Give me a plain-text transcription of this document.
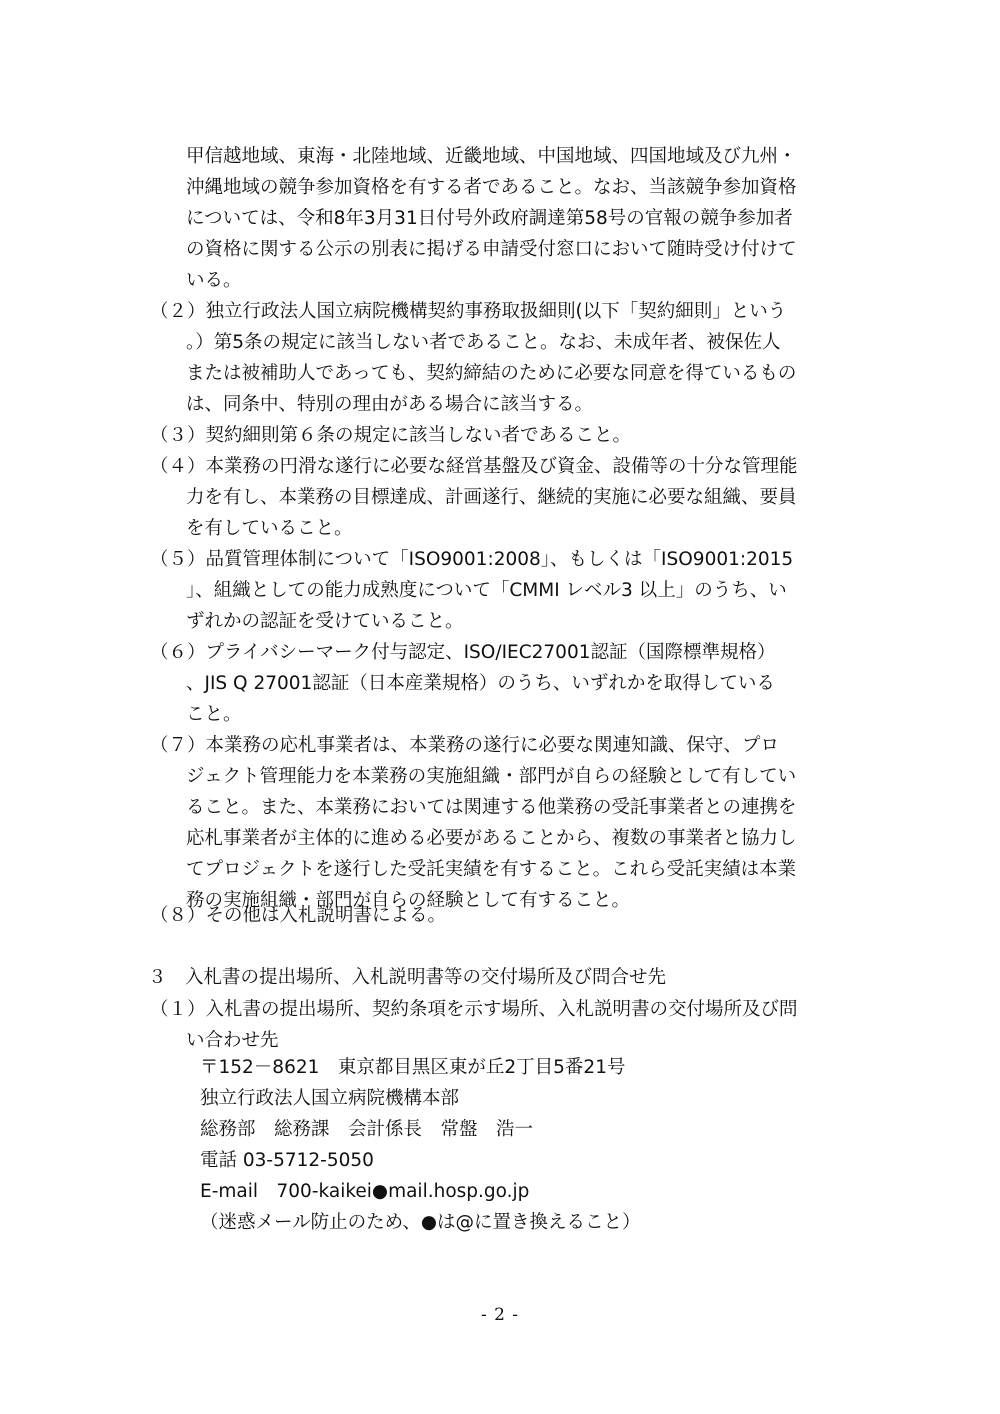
甲信越地域、東海・北陸地域、近畿地域、中国地域、四国地域及び九州・
沖縄地域の競争参加資格を有する者であること。なお、当該競争参加資格
については、令和8年3月31日付号外政府調達第58号の官報の競争参加者
の資格に関する公示の別表に掲げる申請受付窓口において随時受け付けて
いる。
（２）独立行政法人国立病院機構契約事務取扱細則(以下「契約細則」という
。）第5条の規定に該当しない者であること。なお、未成年者、被保佐人
または被補助人であっても、契約締結のために必要な同意を得ているもの
は、同条中、特別の理由がある場合に該当する。
（３）契約細則第６条の規定に該当しない者であること。
（４）本業務の円滑な遂行に必要な経営基盤及び資金、設備等の十分な管理能
力を有し、本業務の目標達成、計画遂行、継続的実施に必要な組織、要員
を有していること。
（５）品質管理体制について「ISO9001:2008」、もしくは「ISO9001:2015
」、組織としての能力成熟度について「CMMI レベル3 以上」のうち、い
ずれかの認証を受けていること。
（６）プライバシーマーク付与認定、ISO/IEC27001認証（国際標準規格）
、JIS Q 27001認証（日本産業規格）のうち、いずれかを取得している
こと。
（７）本業務の応札事業者は、本業務の遂行に必要な関連知識、保守、プロ
ジェクト管理能力を本業務の実施組織・部門が自らの経験として有してい
ること。また、本業務においては関連する他業務の受託事業者との連携を
応札事業者が主体的に進める必要があることから、複数の事業者と協力し
てプロジェクトを遂行した受託実績を有すること。これら受託実績は本業
務の実施組織・部門が自らの経験として有すること。
（８）その他は入札説明書による。
３　入札書の提出場所、入札説明書等の交付場所及び問合せ先
（１）入札書の提出場所、契約条項を示す場所、入札説明書の交付場所及び問
い合わせ先
〒152－8621　東京都目黒区東が丘2丁目5番21号
独立行政法人国立病院機構本部
総務部　総務課　会計係長　常盤　浩一
電話 03-5712-5050
E-mail　700-kaikei●mail.hosp.go.jp
（迷惑メール防止のため、●は@に置き換えること）
- 2 -
